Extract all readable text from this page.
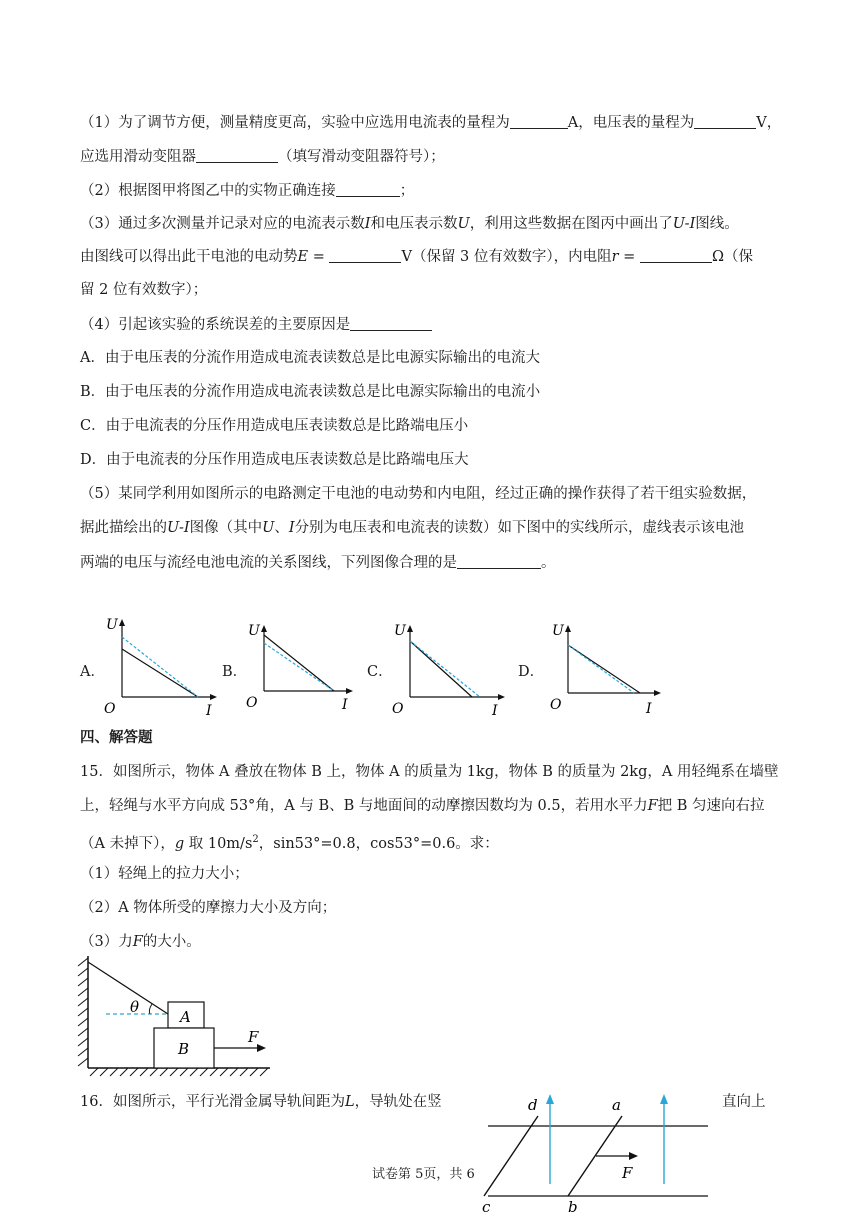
（1）为了调节方便，测量精度更高，实验中应选用电流表的量程为	A，电压表的量程为	V，
应选用滑动变阻器	（填写滑动变阻器符号）；
（2）根据图甲将图乙中的实物正确连接	；
（3）通过多次测量并记录对应的电流表示数I和电压表示数U，利用这些数据在图丙中画出了U-I图线。
由图线可以得出此干电池的电动势E =	V（保留 3 位有效数字），内电阻r =	Ω（保
留 2 位有效数字）；
（4）引起该实验的系统误差的主要原因是
A．由于电压表的分流作用造成电流表读数总是比电源实际输出的电流大
B．由于电压表的分流作用造成电流表读数总是比电源实际输出的电流小
C．由于电流表的分压作用造成电压表读数总是比路端电压小
D．由于电流表的分压作用造成电压表读数总是比路端电压大
（5）某同学利用如图所示的电路测定干电池的电动势和内电阻，经过正确的操作获得了若干组实验数据，
据此描绘出的U-I图像（其中U、I分别为电压表和电流表的读数）如下图中的实线所示，虚线表示该电池
两端的电压与流经电池电流的关系图线，下列图像合理的是	。
A．	B．	C．	D．
U
O	I
U
O	I
U
O	I
U
O	I
四、解答题
15．如图所示，物体 A 叠放在物体 B 上，物体 A 的质量为 1kg，物体 B 的质量为 2kg，A 用轻绳系在墙壁
上，轻绳与水平方向成 53°角，A 与 B、B 与地面间的动摩擦因数均为 0.5，若用水平力F把 B 匀速向右拉
（A 未掉下），g 取 $10m/s^2$，sin53°=0.8，cos53°=0.6。求：
（1）轻绳上的拉力大小；
（2）A 物体所受的摩擦力大小及方向；
（3）力F的大小。
θ
A
B
F
16．如图所示，平行光滑金属导轨间距为L，导轨处在竖	直向上
d	a
F
c	b
试卷第 5页，共 6
